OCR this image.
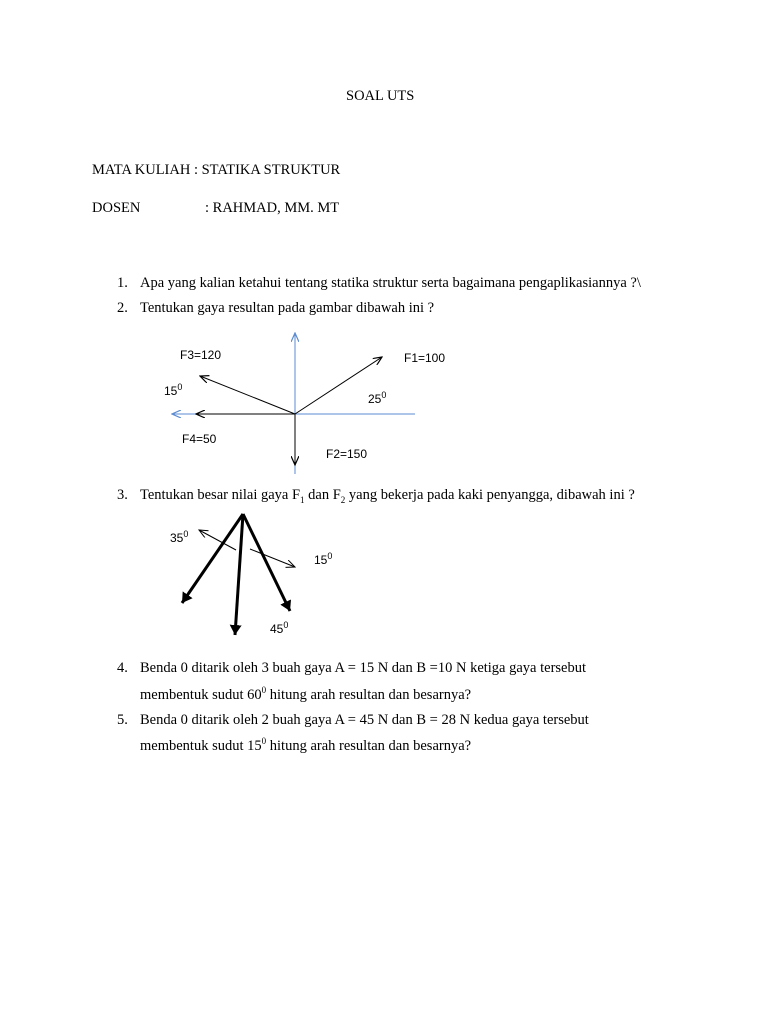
SOAL UTS
MATA KULIAH : STATIKA STRUKTUR
DOSEN	: RAHMAD, MM. MT
1. Apa yang kalian ketahui tentang statika struktur serta bagaimana pengaplikasiannya ?\
2. Tentukan gaya resultan pada gambar dibawah ini ?
F3=120	F1=100
$15^0$
$25^0$
F4=50
F2=150
3. Tentukan besar nilai gaya $F_1$ dan $F_2$ yang bekerja pada kaki penyangga, dibawah ini ?
$35^0$
$15^0$
$45^0$
4. Benda 0 ditarik oleh 3 buah gaya A = 15 N dan B =10 N ketiga gaya tersebut
membentuk sudut $60^0$ hitung arah resultan dan besarnya?
5. Benda 0 ditarik oleh 2 buah gaya A = 45 N dan B = 28 N kedua gaya tersebut
membentuk sudut $15^0$ hitung arah resultan dan besarnya?
